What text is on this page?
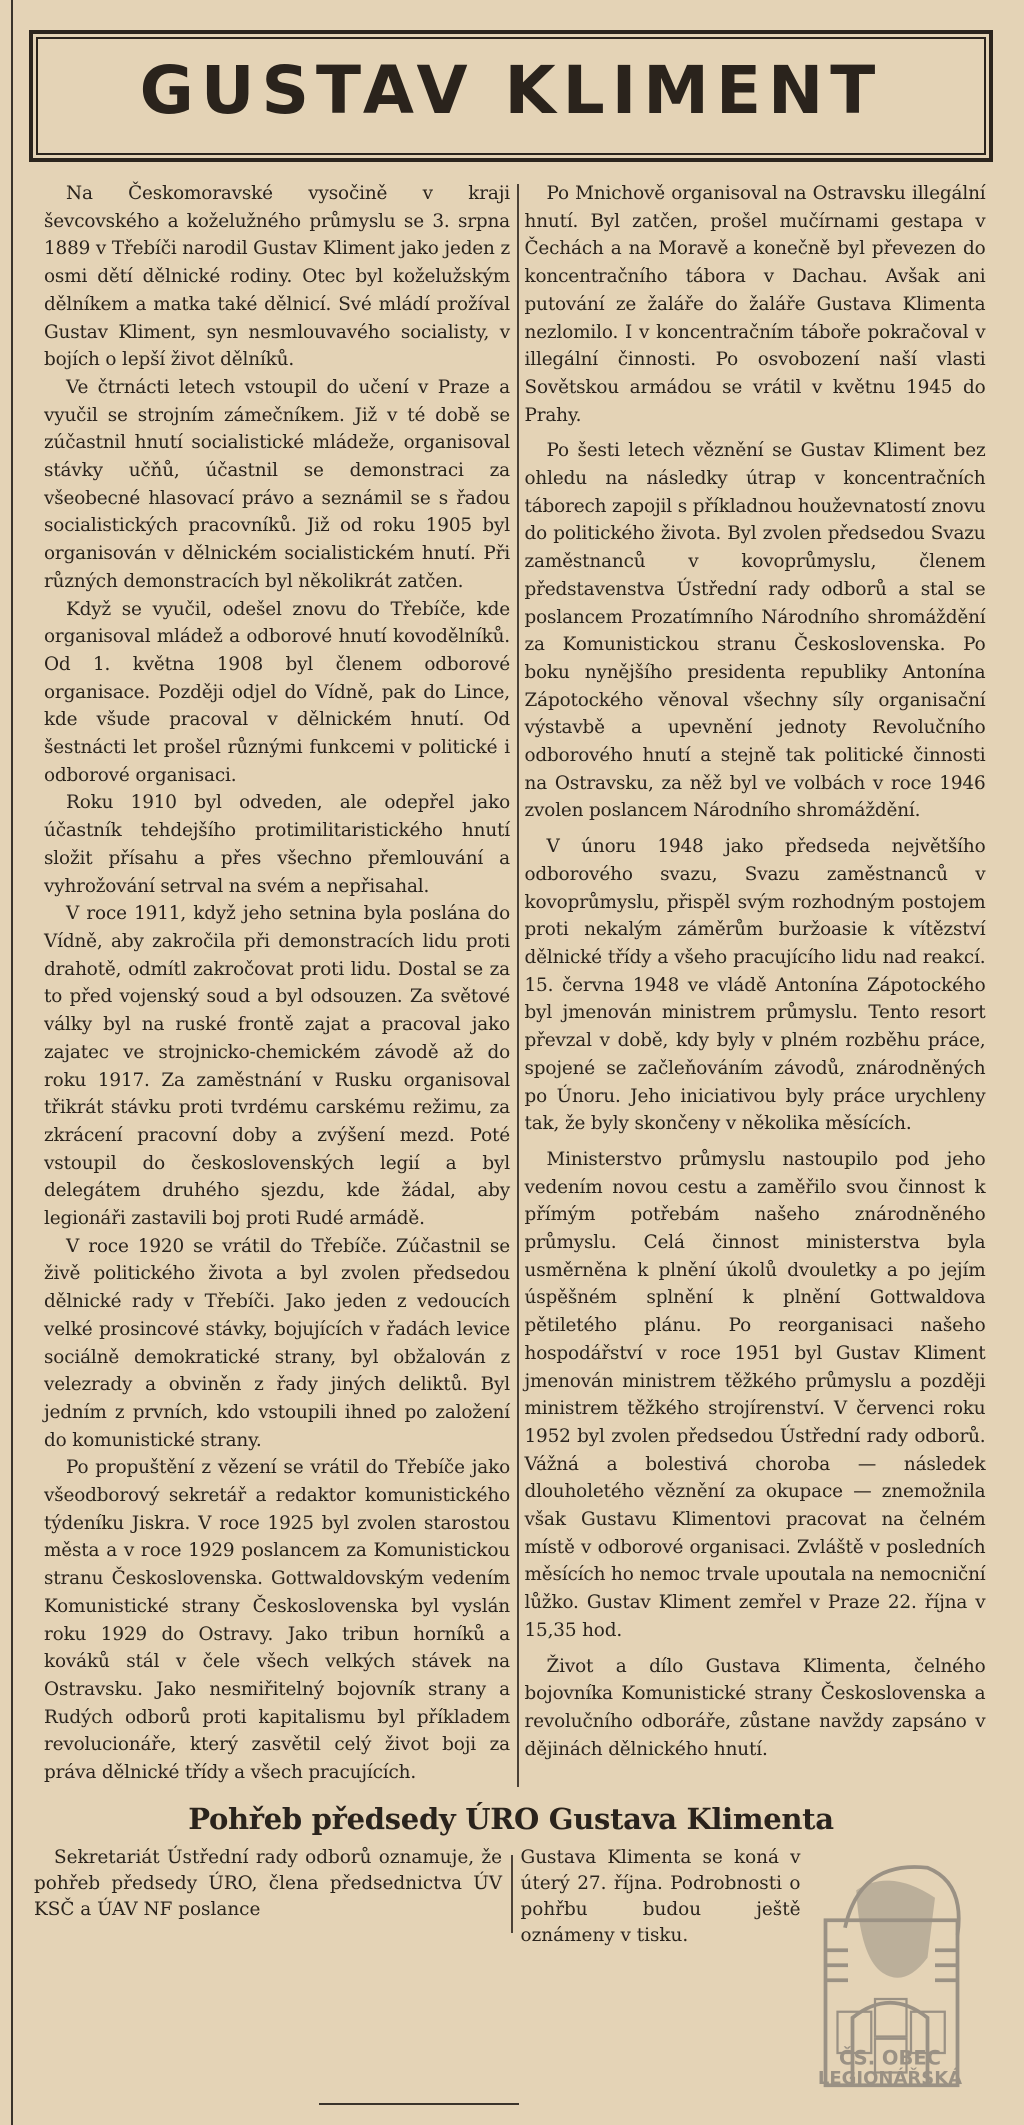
GUSTAV KLIMENT

Na Českomoravské vysočině v kraji ševcovského a koželužného průmyslu se 3. srpna 1889 v Třebíči narodil Gustav Kliment jako jeden z osmi dětí dělnické rodiny. Otec byl koželužským dělníkem a matka také dělnicí. Své mládí prožíval Gustav Kliment, syn nesmlouvavého socialisty, v bojích o lepší život dělníků.

Ve čtrnácti letech vstoupil do učení v Praze a vyučil se strojním zámečníkem. Již v té době se zúčastnil hnutí socialistické mládeže, organisoval stávky učňů, účastnil se demonstraci za všeobecné hlasovací právo a seznámil se s řadou socialistických pracovníků. Již od roku 1905 byl organisován v dělnickém socialistickém hnutí. Při různých demonstracích byl několikrát zatčen.

Když se vyučil, odešel znovu do Třebíče, kde organisoval mládež a odborové hnutí kovodělníků. Od 1. května 1908 byl členem odborové organisace. Později odjel do Vídně, pak do Lince, kde všude pracoval v dělnickém hnutí. Od šestnácti let prošel různými funkcemi v politické i odborové organisaci.

Roku 1910 byl odveden, ale odepřel jako účastník tehdejšího protimilitaristického hnutí složit přísahu a přes všechno přemlouvání a vyhrožování setrval na svém a nepřisahal.

V roce 1911, když jeho setnina byla poslána do Vídně, aby zakročila při demonstracích lidu proti drahotě, odmítl zakročovat proti lidu. Dostal se za to před vojenský soud a byl odsouzen. Za světové války byl na ruské frontě zajat a pracoval jako zajatec ve strojnicko-chemickém závodě až do roku 1917. Za zaměstnání v Rusku organisoval třikrát stávku proti tvrdému carskému režimu, za zkrácení pracovní doby a zvýšení mezd. Poté vstoupil do československých legií a byl delegátem druhého sjezdu, kde žádal, aby legionáři zastavili boj proti Rudé armádě.

V roce 1920 se vrátil do Třebíče. Zúčastnil se živě politického života a byl zvolen předsedou dělnické rady v Třebíči. Jako jeden z vedoucích velké prosincové stávky, bojujících v řadách levice sociálně demokratické strany, byl obžalován z velezrady a obviněn z řady jiných deliktů. Byl jedním z prvních, kdo vstoupili ihned po založení do komunistické strany.

Po propuštění z vězení se vrátil do Třebíče jako všeodborový sekretář a redaktor komunistického týdeníku Jiskra. V roce 1925 byl zvolen starostou města a v roce 1929 poslancem za Komunistickou stranu Československa. Gottwaldovským vedením Komunistické strany Československa byl vyslán roku 1929 do Ostravy. Jako tribun horníků a kováků stál v čele všech velkých stávek na Ostravsku. Jako nesmiřitelný bojovník strany a Rudých odborů proti kapitalismu byl příkladem revolucionáře, který zasvětil celý život boji za práva dělnické třídy a všech pracujících.

Po Mnichově organisoval na Ostravsku illegální hnutí. Byl zatčen, prošel mučírnami gestapa v Čechách a na Moravě a konečně byl převezen do koncentračního tábora v Dachau. Avšak ani putování ze žaláře do žaláře Gustava Klimenta nezlomilo. I v koncentračním táboře pokračoval v illegální činnosti. Po osvobození naší vlasti Sovětskou armádou se vrátil v květnu 1945 do Prahy.

Po šesti letech věznění se Gustav Kliment bez ohledu na následky útrap v koncentračních táborech zapojil s příkladnou houževnatostí znovu do politického života. Byl zvolen předsedou Svazu zaměstnanců v kovoprůmyslu, členem představenstva Ústřední rady odborů a stal se poslancem Prozatímního Národního shromáždění za Komunistickou stranu Československa. Po boku nynějšího presidenta republiky Antonína Zápotockého věnoval všechny síly organisační výstavbě a upevnění jednoty Revolučního odborového hnutí a stejně tak politické činnosti na Ostravsku, za něž byl ve volbách v roce 1946 zvolen poslancem Národního shromáždění.

V únoru 1948 jako předseda největšího odborového svazu, Svazu zaměstnanců v kovoprůmyslu, přispěl svým rozhodným postojem proti nekalým záměrům buržoasie k vítězství dělnické třídy a všeho pracujícího lidu nad reakcí. 15. června 1948 ve vládě Antonína Zápotockého byl jmenován ministrem průmyslu. Tento resort převzal v době, kdy byly v plném rozběhu práce, spojené se začleňováním závodů, znárodněných po Únoru. Jeho iniciativou byly práce urychleny tak, že byly skončeny v několika měsících.

Ministerstvo průmyslu nastoupilo pod jeho vedením novou cestu a zaměřilo svou činnost k přímým potřebám našeho znárodněného průmyslu. Celá činnost ministerstva byla usměrněna k plnění úkolů dvouletky a po jejím úspěšném splnění k plnění Gottwaldova pětiletého plánu. Po reorganisaci našeho hospodářství v roce 1951 byl Gustav Kliment jmenován ministrem těžkého průmyslu a později ministrem těžkého strojírenství. V červenci roku 1952 byl zvolen předsedou Ústřední rady odborů. Vážná a bolestivá choroba — následek dlouholetého věznění za okupace — znemožnila však Gustavu Klimentovi pracovat na čelném místě v odborové organisaci. Zvláště v posledních měsících ho nemoc trvale upoutala na nemocniční lůžko. Gustav Kliment zemřel v Praze 22. října v 15,35 hod.

Život a dílo Gustava Klimenta, čelného bojovníka Komunistické strany Československa a revolučního odboráře, zůstane navždy zapsáno v dějinách dělnického hnutí.

Pohřeb předsedy ÚRO Gustava Klimenta

Sekretariát Ústřední rady odborů oznamuje, že pohřeb předsedy ÚRO, člena předsednictva ÚV KSČ a ÚAV NF poslance

Gustava Klimenta se koná v úterý 27. října. Podrobnosti o pohřbu budou ještě oznámeny v tisku.

ČS. OBEC
LEGIONÁŘSKÁ
